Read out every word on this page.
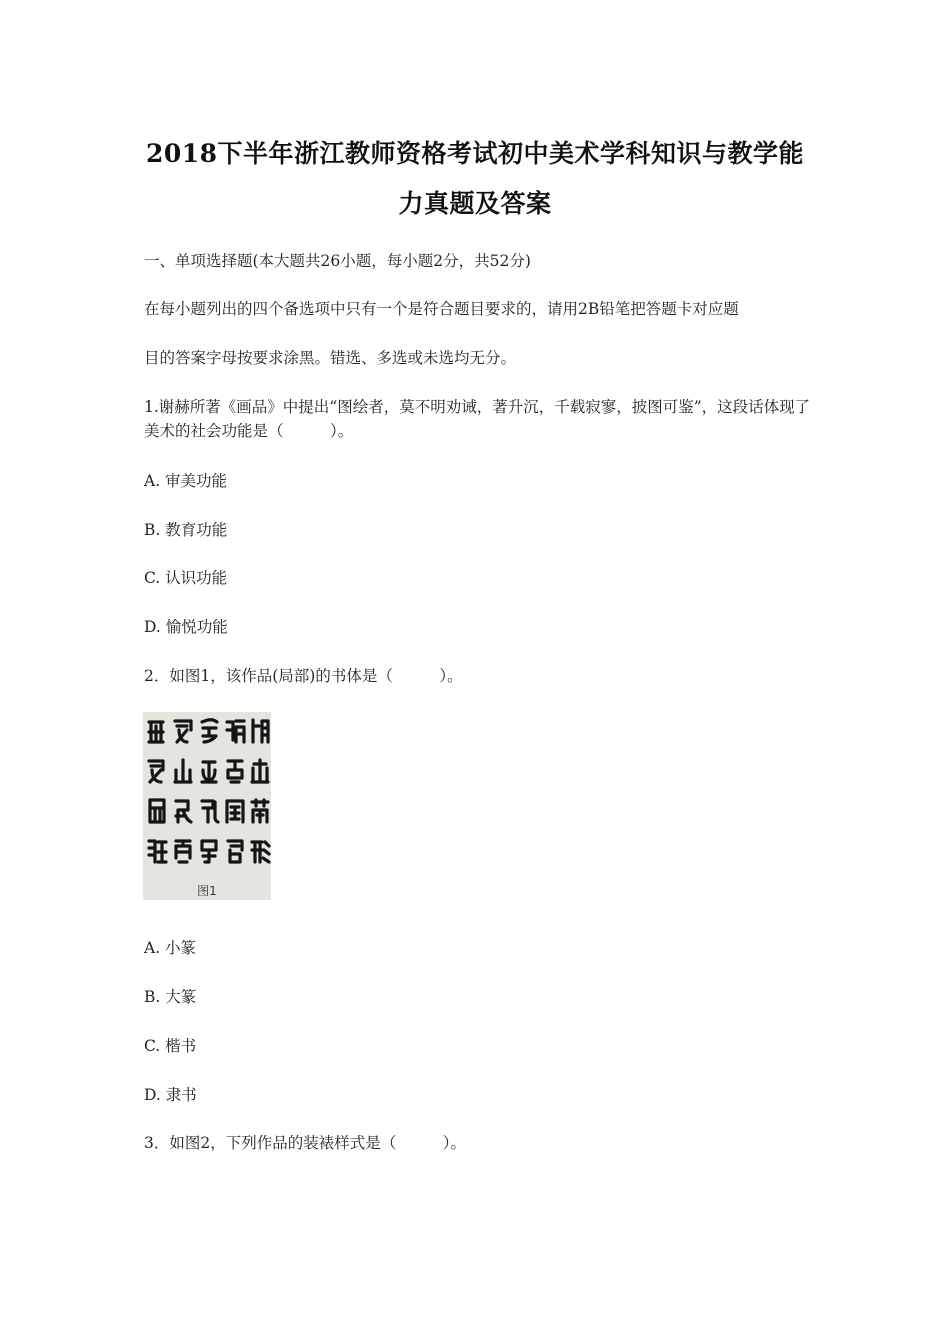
2018下半年浙江教师资格考试初中美术学科知识与教学能
力真题及答案
一、单项选择题(本大题共26小题，每小题2分，共52分)
在每小题列出的四个备选项中只有一个是符合题目要求的，请用2B铅笔把答题卡对应题
目的答案字母按要求涂黑。错选、多选或未选均无分。
1.谢赫所著《画品》中提出“图绘者，莫不明劝诫，著升沉，千载寂寥，披图可鉴”，这段话体现了美术的社会功能是（　　　）。
A. 审美功能
B. 教育功能
C. 认识功能
D. 愉悦功能
2．如图1，该作品(局部)的书体是（　　　）。
图1
A. 小篆
B. 大篆
C. 楷书
D. 隶书
3．如图2，下列作品的装裱样式是（　　　）。
